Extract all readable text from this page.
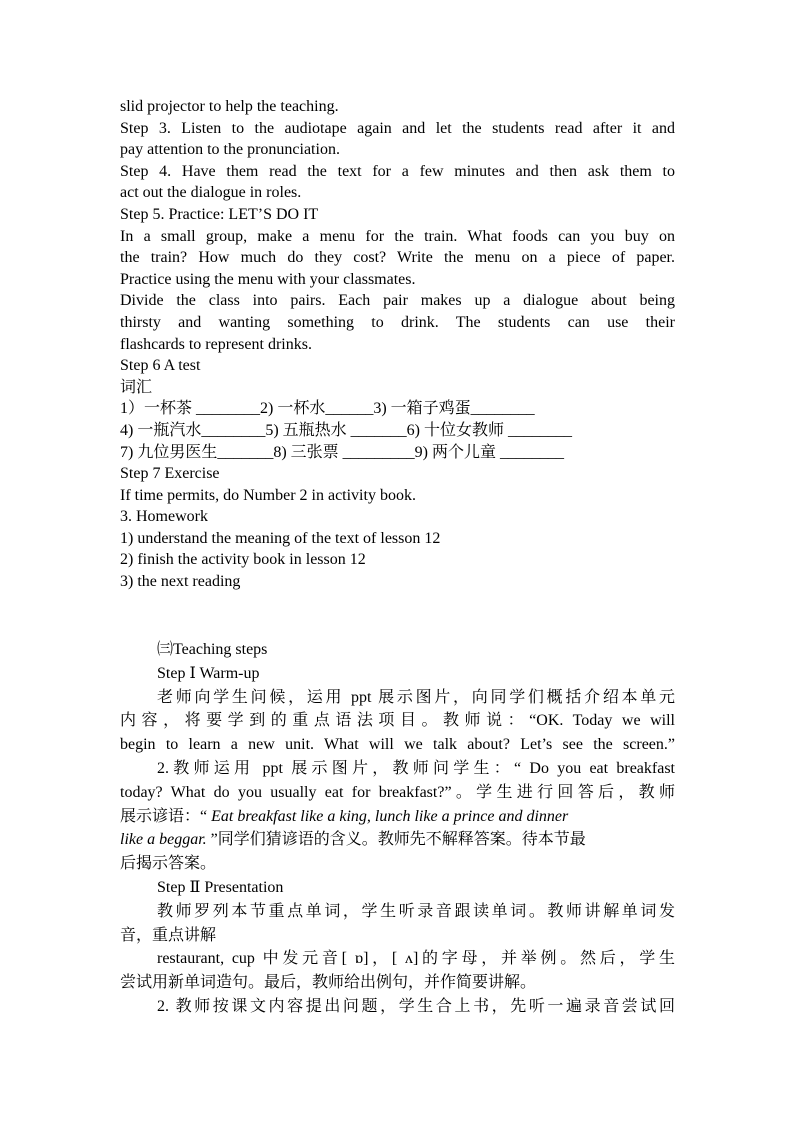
slid projector to help the teaching.
Step 3. Listen to the audiotape again and let the students read after it and
pay attention to the pronunciation.
Step 4. Have them read the text for a few minutes and then ask them to
act out the dialogue in roles.
Step 5. Practice: LET’S DO IT
In a small group, make a menu for the train. What foods can you buy on
the train? How much do they cost? Write the menu on a piece of paper.
Practice using the menu with your classmates.
Divide the class into pairs. Each pair makes up a dialogue about being
thirsty and wanting something to drink. The students can use their
flashcards to represent drinks.
Step 6 A test
词汇
1）一杯茶 ________2) 一杯水______3) 一箱子鸡蛋________
4) 一瓶汽水________5) 五瓶热水 _______6) 十位女教师 ________
7) 九位男医生_______8) 三张票 _________9) 两个儿童 ________
Step 7 Exercise
If time permits, do Number 2 in activity book.
3. Homework
1) understand the meaning of the text of lesson 12
2) finish the activity book in lesson 12
3) the next reading
㈢Teaching steps
Step Ⅰ Warm-up
老师向学生问候，运用 ppt 展示图片，向同学们概括介绍本单元
内容，将要学到的重点语法项目。教师说：“OK. Today we will
begin to learn a new unit. What will we talk about? Let’s see the screen.”
2.教师运用 ppt 展示图片，教师问学生：“ Do you eat breakfast
today? What do you usually eat for breakfast?”。学生进行回答后，教师
展示谚语：“ Eat breakfast like a king, lunch like a prince and dinner
like a beggar. ”同学们猜谚语的含义。教师先不解释答案。待本节最
后揭示答案。
Step Ⅱ Presentation
教师罗列本节重点单词，学生听录音跟读单词。教师讲解单词发
音，重点讲解
restaurant, cup 中发元音[ ɒ]，[ ʌ]的字母，并举例。然后，学生
尝试用新单词造句。最后，教师给出例句，并作简要讲解。
2. 教师按课文内容提出问题，学生合上书，先听一遍录音尝试回
